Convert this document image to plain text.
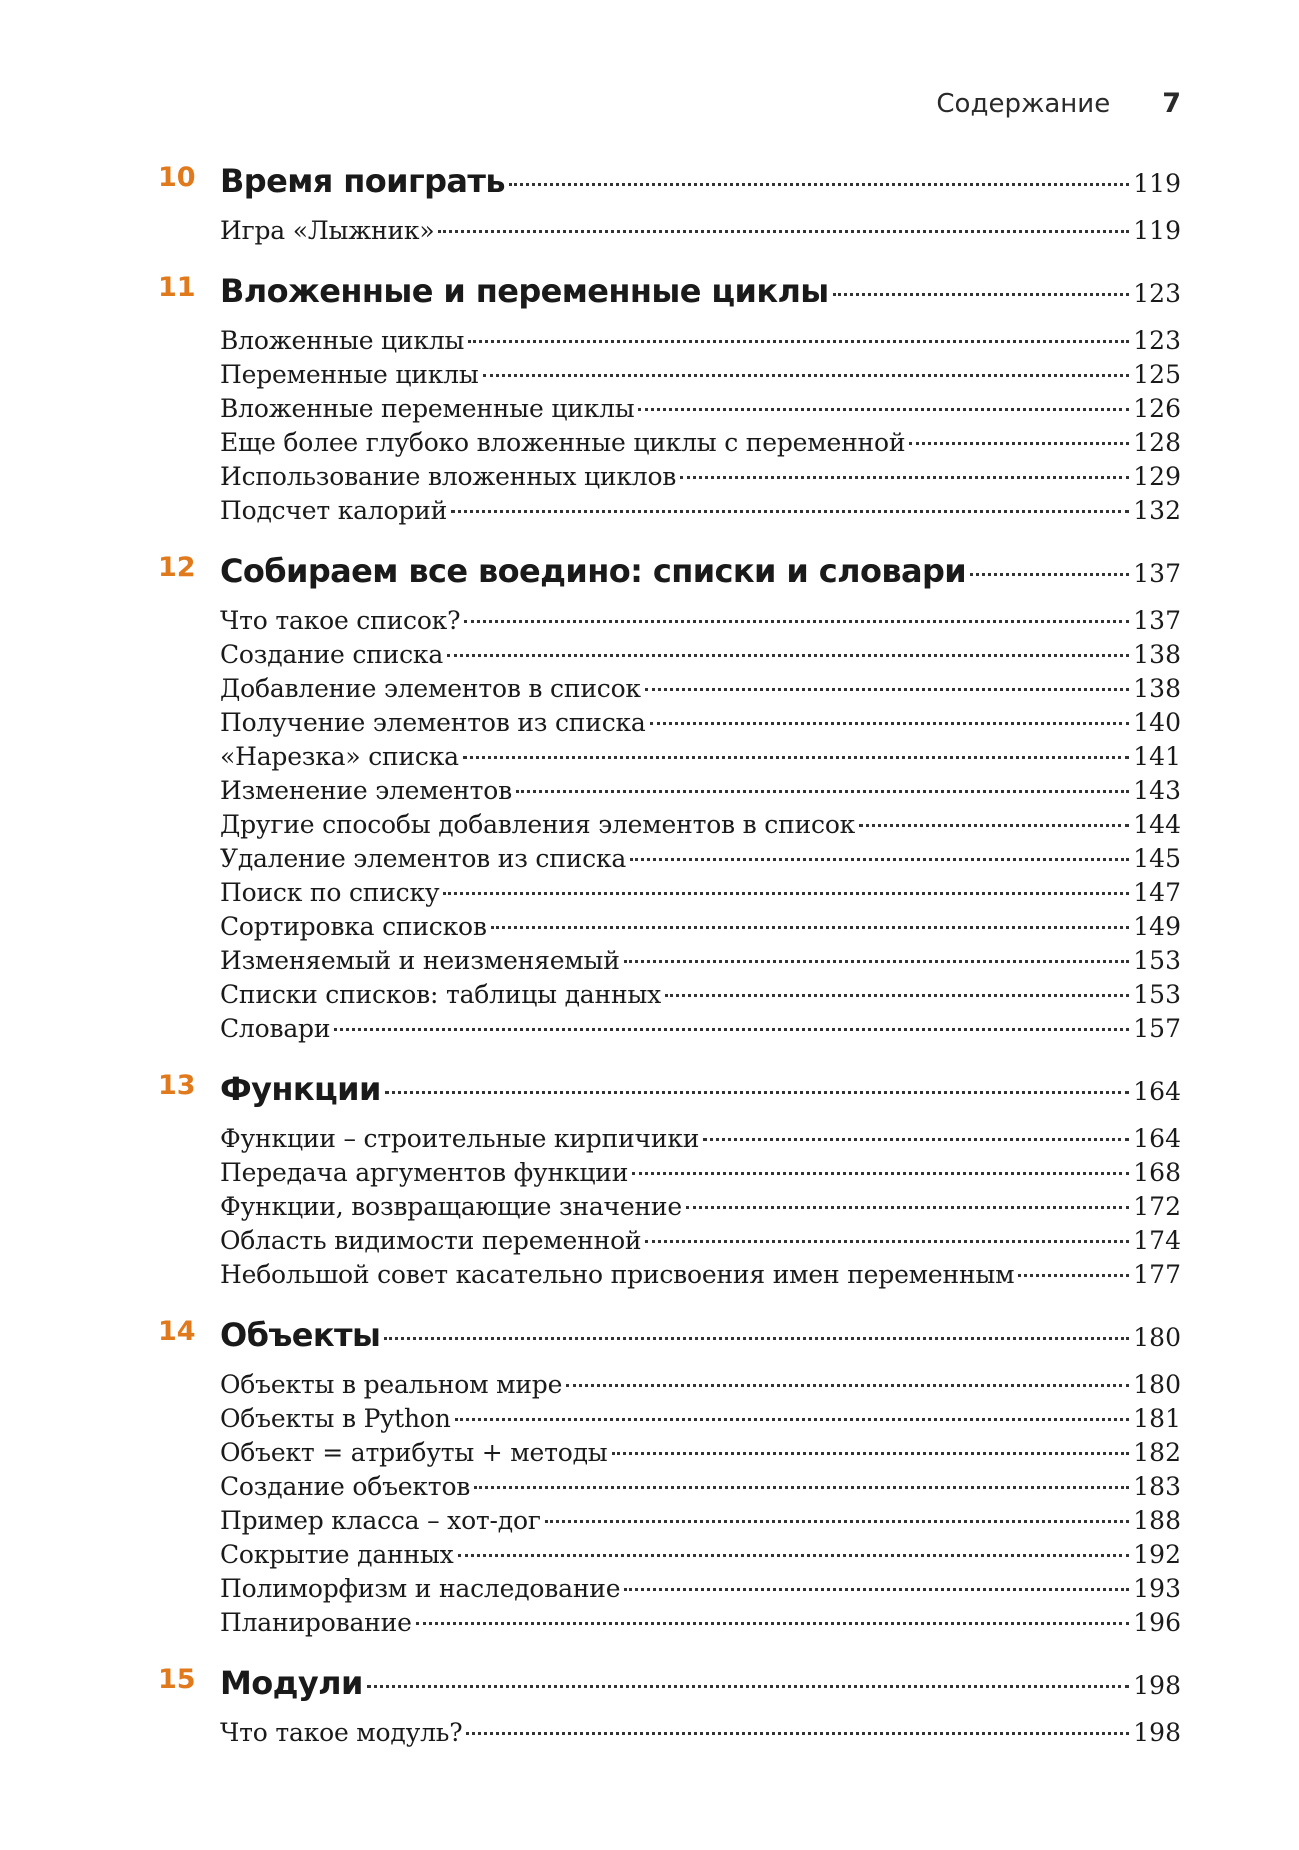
Содержание 7
10 Время поиграть	119
Игра «Лыжник»	119
11 Вложенные и переменные циклы	123
Вложенные циклы	123
Переменные циклы	125
Вложенные переменные циклы	126
Еще более глубоко вложенные циклы с переменной	128
Использование вложенных циклов	129
Подсчет калорий	132
12 Собираем все воедино: списки и словари	137
Что такое список?	137
Создание списка	138
Добавление элементов в список	138
Получение элементов из списка	140
«Нарезка» списка	141
Изменение элементов	143
Другие способы добавления элементов в список	144
Удаление элементов из списка	145
Поиск по списку	147
Сортировка списков	149
Изменяемый и неизменяемый	153
Списки списков: таблицы данных	153
Словари	157
13 Функции	164
Функции – строительные кирпичики	164
Передача аргументов функции	168
Функции, возвращающие значение	172
Область видимости переменной	174
Небольшой совет касательно присвоения имен переменным	177
14 Объекты	180
Объекты в реальном мире	180
Объекты в Python	181
Объект = атрибуты + методы	182
Создание объектов	183
Пример класса – хот-дог	188
Сокрытие данных	192
Полиморфизм и наследование	193
Планирование	196
15 Модули	198
Что такое модуль?	198
